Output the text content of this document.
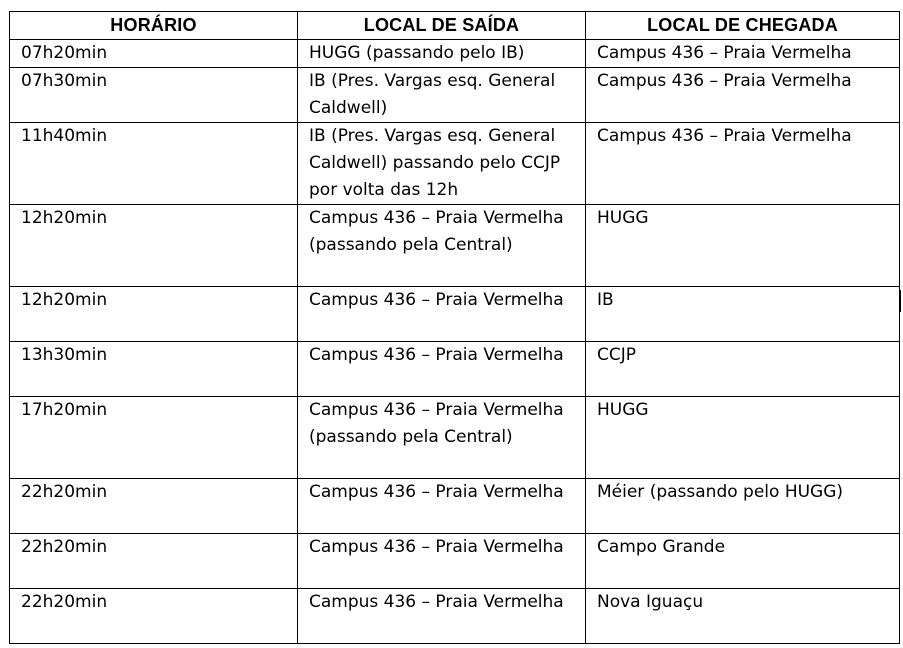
HORÁRIO	LOCAL DE SAÍDA	LOCAL DE CHEGADA
07h20min	HUGG (passando pelo IB)	Campus 436 – Praia Vermelha
07h30min	IB (Pres. Vargas esq. General Caldwell)	Campus 436 – Praia Vermelha
11h40min	IB (Pres. Vargas esq. General Caldwell) passando pelo CCJP por volta das 12h	Campus 436 – Praia Vermelha
12h20min	Campus 436 – Praia Vermelha (passando pela Central)	HUGG
12h20min	Campus 436 – Praia Vermelha	IB
13h30min	Campus 436 – Praia Vermelha	CCJP
17h20min	Campus 436 – Praia Vermelha (passando pela Central)	HUGG
22h20min	Campus 436 – Praia Vermelha	Méier (passando pelo HUGG)
22h20min	Campus 436 – Praia Vermelha	Campo Grande
22h20min	Campus 436 – Praia Vermelha	Nova Iguaçu
